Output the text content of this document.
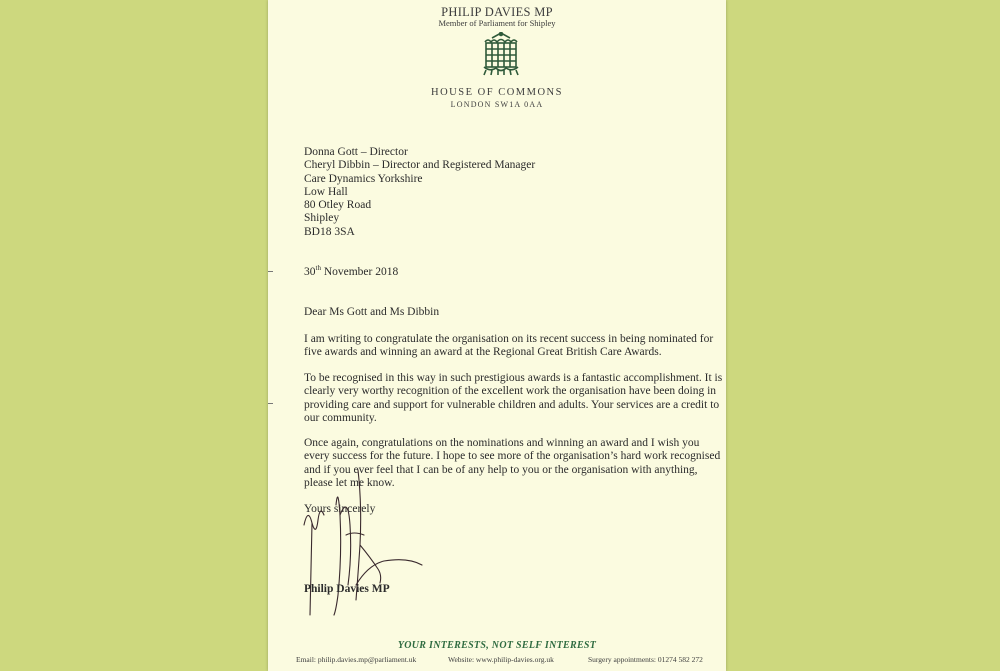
PHILIP DAVIES MP
Member of Parliament for Shipley
HOUSE OF COMMONS
LONDON SW1A 0AA
Donna Gott – Director
Cheryl Dibbin – Director and Registered Manager
Care Dynamics Yorkshire
Low Hall
80 Otley Road
Shipley
BD18 3SA
30th November 2018
Dear Ms Gott and Ms Dibbin

I am writing to congratulate the organisation on its recent success in being nominated for five awards and winning an award at the Regional Great British Care Awards.

To be recognised in this way in such prestigious awards is a fantastic accomplishment. It is clearly very worthy recognition of the excellent work the organisation have been doing in providing care and support for vulnerable children and adults. Your services are a credit to our community.

Once again, congratulations on the nominations and winning an award and I wish you every success for the future. I hope to see more of the organisation’s hard work recognised and if you ever feel that I can be of any help to you or the organisation with anything, please let me know.

Yours sincerely
Philip Davies MP
YOUR INTERESTS, NOT SELF INTEREST
Email: philip.davies.mp@parliament.uk	Website: www.philip-davies.org.uk	Surgery appointments: 01274 582 272
